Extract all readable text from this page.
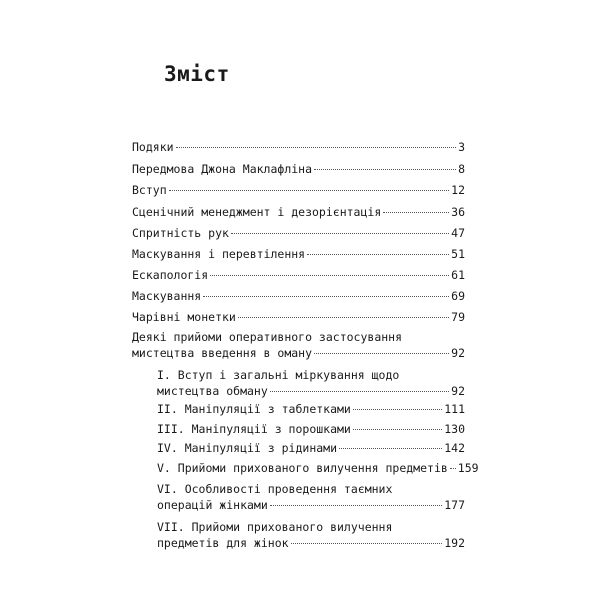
Зміст
Подяки	3
Передмова Джона Маклафліна	8
Вступ	12
Сценічний менеджмент і дезорієнтація	36
Спритність рук	47
Маскування і перевтілення	51
Ескапологія	61
Маскування	69
Чарівні монетки	79
Деякі прийоми оперативного застосування
мистецтва введення в оману	92
I. Вступ і загальні міркування щодо
мистецтва обману	92
II. Маніпуляції з таблетками	111
III. Маніпуляції з порошками	130
IV. Маніпуляції з рідинами	142
V. Прийоми прихованого вилучення предметів 159
VI. Особливості проведення таємних
операцій жінками	177
VII. Прийоми прихованого вилучення
предметів для жінок	192
